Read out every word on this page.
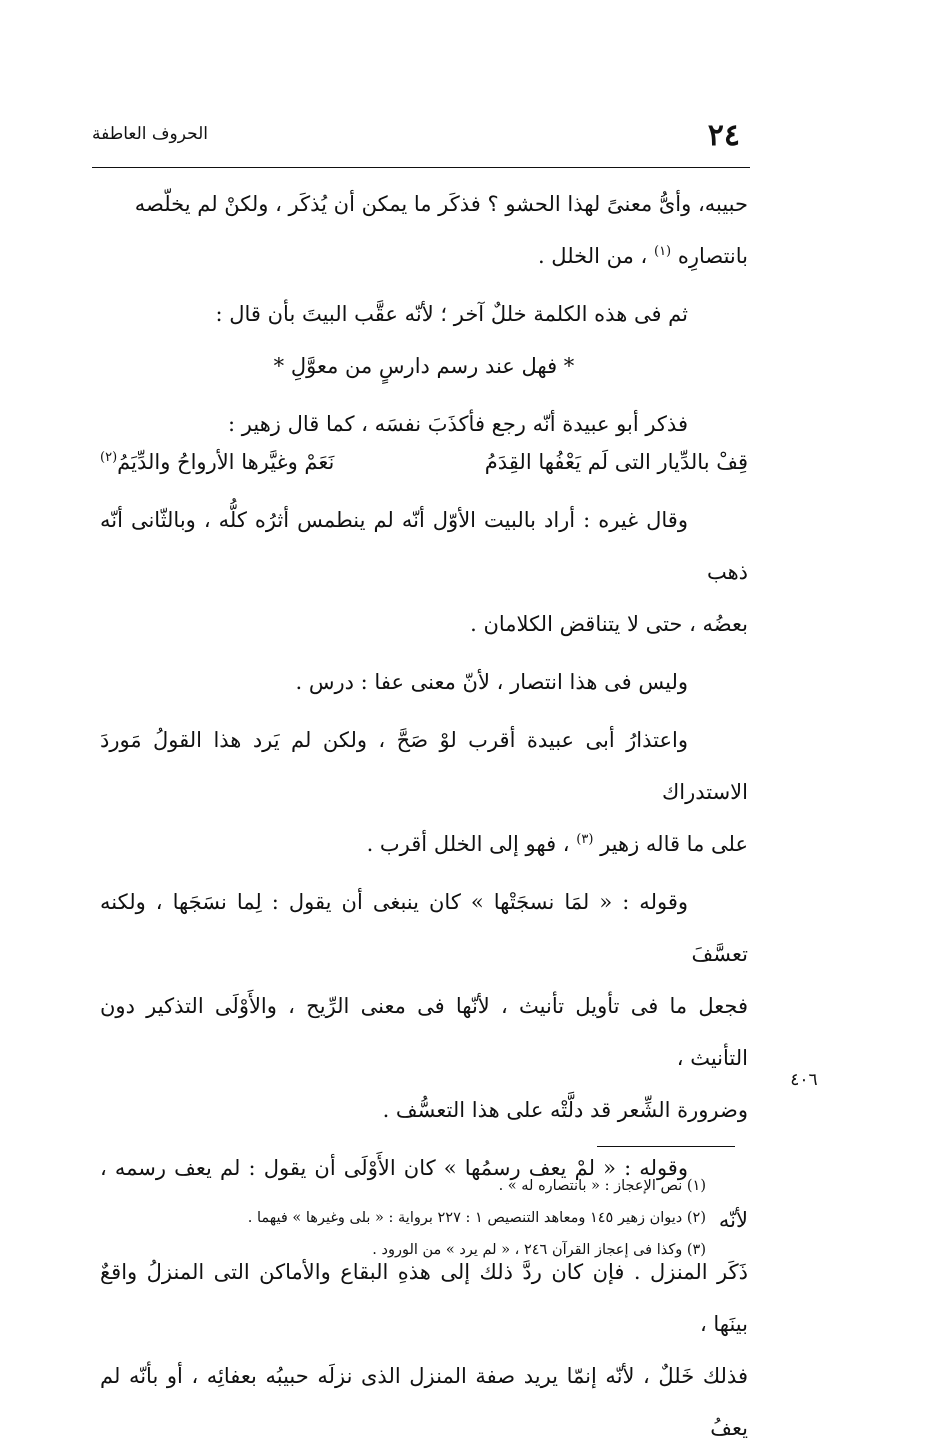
٢٤
الحروف العاطفة

حبيبه، وأىُّ معنىً لهذا الحشو ؟ فذكَر ما يمكن أن يُذكَر ، ولكنْ لم يخلّصه

بانتصارِه $^{(١)}$ ، من الخلل .

ثم فى هذه الكلمة خللٌ آخر ؛ لأنّه عقَّب البيتَ بأن قال :

* فهل عند رسم دارسٍ من معوَّلِ *

فذكر أبو عبيدة أنّه رجع فأكذَبَ نفسَه ، كما قال زهير :

قِفْ بالدِّيار التى لَم يَعْفُها القِدَمُ
نَعَمْ وغيَّرها الأرواحُ والدِّيَمُ$^{(٢)}$

وقال غيره : أراد بالبيت الأوّل أنّه لم ينطمس أثرُه كلُّه ، وبالثّانى أنّه ذهب

بعضُه ، حتى لا يتناقض الكلامان .

وليس فى هذا انتصار ، لأنّ معنى عفا : درس .

واعتذارُ أبى عبيدة أقرب لوْ صَحَّ ، ولكن لم يَرد هذا القولُ مَوردَ الاستدراك

على ما قاله زهير $^{(٣)}$ ، فهو إلى الخلل أقرب .

وقوله : « لمَا نسجَتْها » كان ينبغى أن يقول : لِما نسَجَها ، ولكنه تعسَّفَ

فجعل ما فى تأويل تأنيث ، لأنّها فى معنى الرِّيح ، والأَوْلَى التذكير دون التأنيث ،

وضرورة الشِّعر قد دلَّتْه على هذا التعسُّف .

وقوله : « لمْ يعف رسمُها » كان الأَوْلَى أن يقول : لم يعف رسمه ، لأنّه

ذَكَر المنزل . فإن كان ردَّ ذلك إلى هذهِ البقاع والأماكن التى المنزلُ واقعٌ بينَها ،

فذلك خَللٌ ، لأنّه إنمّا يريد صفة المنزل الذى نزلَه حبيبُه بعفائِه ، أو بأنّه لم يعفُ

٤٠٦

(١) نص الإعجاز : « بانتصاره له » .

(٢) ديوان زهير ١٤٥ ومعاهد التنصيص ١ : ٢٢٧ برواية : « بلى وغيرها » فيهما .

(٣) وكذا فى إعجاز القرآن ٢٤٦ ، « لم يرد » من الورود .
